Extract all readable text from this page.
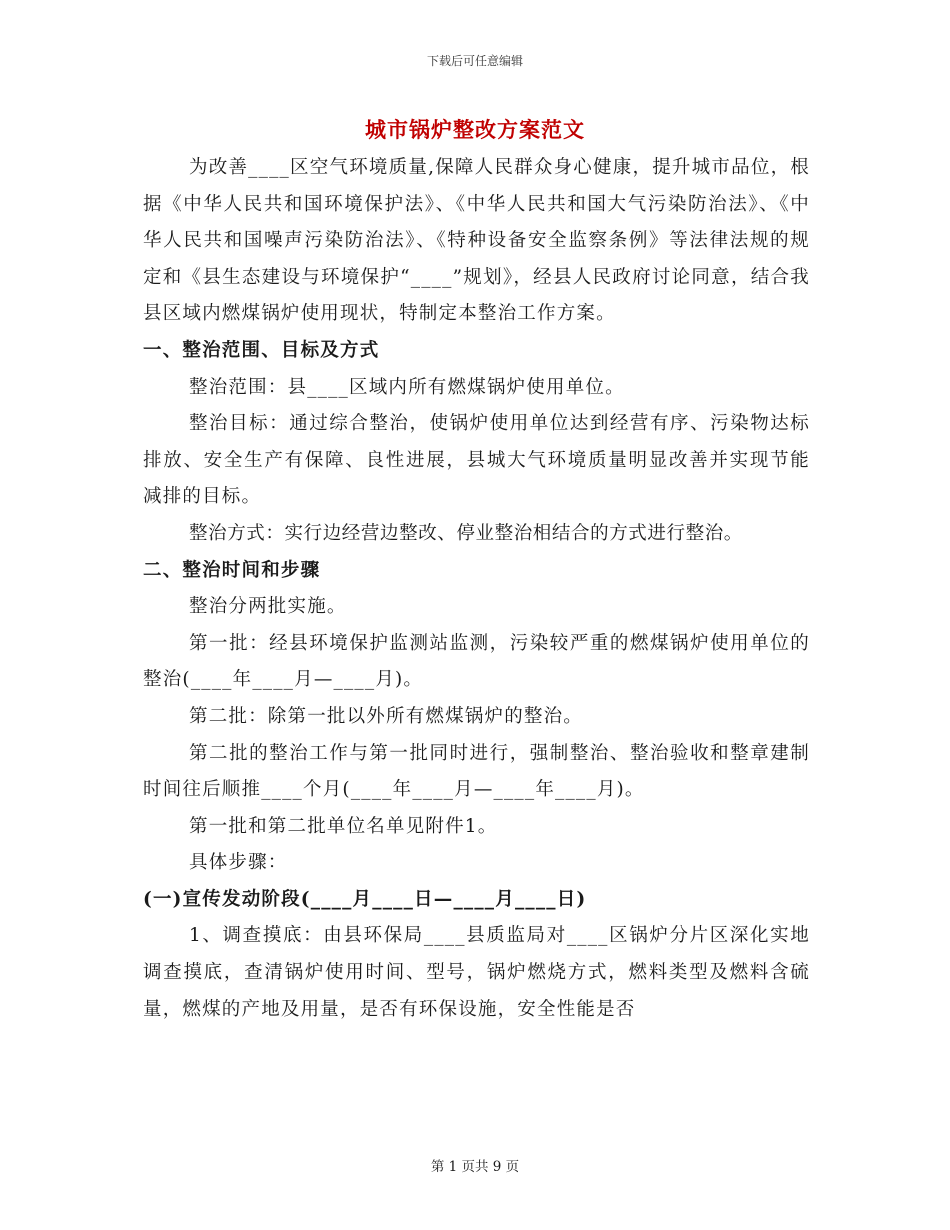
下载后可任意编辑
城市锅炉整改方案范文

为改善____区空气环境质量,保障人民群众身心健康，提升城市品位，根据《中华人民共和国环境保护法》、《中华人民共和国大气污染防治法》、《中华人民共和国噪声污染防治法》、《特种设备安全监察条例》等法律法规的规定和《县生态建设与环境保护“____”规划》，经县人民政府讨论同意，结合我县区域内燃煤锅炉使用现状，特制定本整治工作方案。

一、整治范围、目标及方式

整治范围：县____区域内所有燃煤锅炉使用单位。

整治目标：通过综合整治，使锅炉使用单位达到经营有序、污染物达标排放、安全生产有保障、良性进展，县城大气环境质量明显改善并实现节能减排的目标。

整治方式：实行边经营边整改、停业整治相结合的方式进行整治。

二、整治时间和步骤

整治分两批实施。

第一批：经县环境保护监测站监测，污染较严重的燃煤锅炉使用单位的整治(____年____月—____月)。

第二批：除第一批以外所有燃煤锅炉的整治。

第二批的整治工作与第一批同时进行，强制整治、整治验收和整章建制时间往后顺推____个月(____年____月—____年____月)。

第一批和第二批单位名单见附件1。

具体步骤：

(一)宣传发动阶段(____月____日—____月____日)

1、调查摸底：由县环保局____县质监局对____区锅炉分片区深化实地调查摸底，查清锅炉使用时间、型号，锅炉燃烧方式，燃料类型及燃料含硫量，燃煤的产地及用量，是否有环保设施，安全性能是否

第 1 页共 9 页
